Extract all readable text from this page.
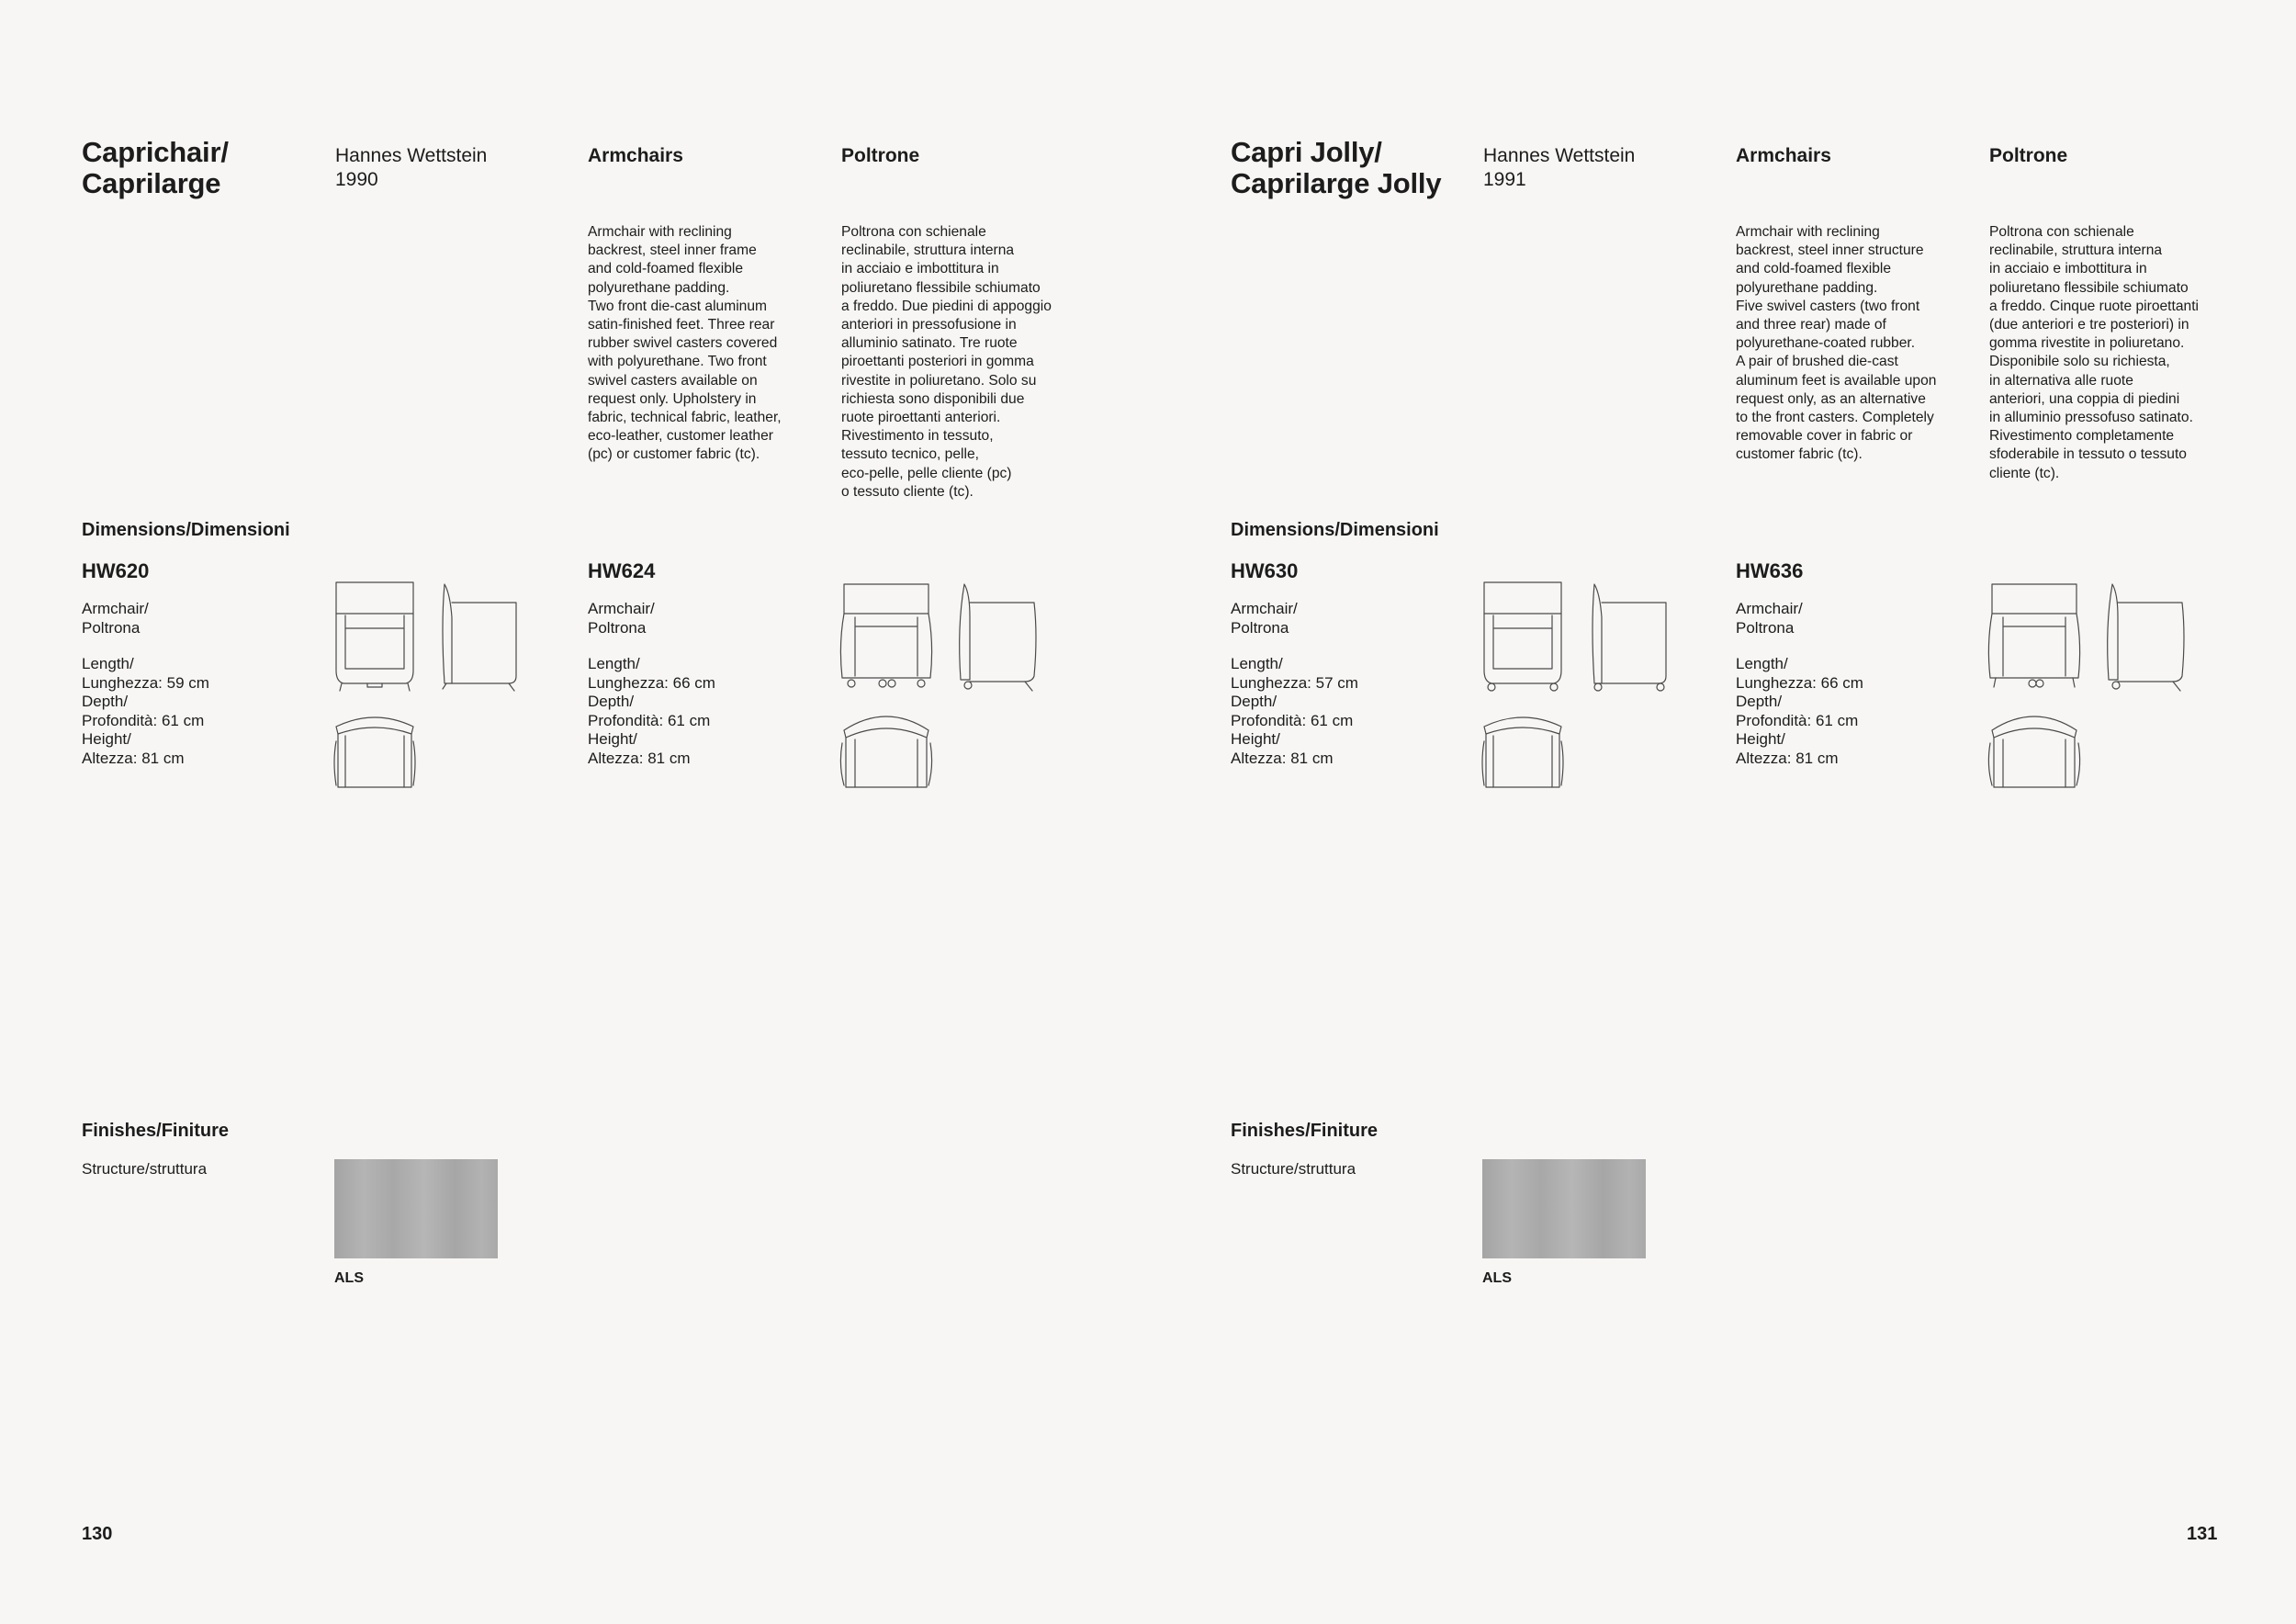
Caprichair/
Caprilarge
Hannes Wettstein
1990
Armchairs	Poltrone
Armchair with reclining
backrest, steel inner frame
and cold-foamed flexible
polyurethane padding.
Two front die-cast aluminum
satin-finished feet. Three rear
rubber swivel casters covered
with polyurethane. Two front
swivel casters available on
request only. Upholstery in
fabric, technical fabric, leather,
eco-leather, customer leather
(pc) or customer fabric (tc).
Poltrona con schienale
reclinabile, struttura interna
in acciaio e imbottitura in
poliuretano flessibile schiumato
a freddo. Due piedini di appoggio
anteriori in pressofusione in
alluminio satinato. Tre ruote
piroettanti posteriori in gomma
rivestite in poliuretano. Solo su
richiesta sono disponibili due
ruote piroettanti anteriori.
Rivestimento in tessuto,
tessuto tecnico, pelle,
eco-pelle, pelle cliente (pc)
o tessuto cliente (tc).
Dimensions/Dimensioni
HW620
Armchair/
Poltrona
Length/
Lunghezza: 59 cm
Depth/
Profondità: 61 cm
Height/
Altezza: 81 cm
HW624
Armchair/
Poltrona
Length/
Lunghezza: 66 cm
Depth/
Profondità: 61 cm
Height/
Altezza: 81 cm
Finishes/Finiture
Structure/struttura
ALS
130
Capri Jolly/
Caprilarge Jolly
Hannes Wettstein
1991
Armchairs	Poltrone
Armchair with reclining
backrest, steel inner structure
and cold-foamed flexible
polyurethane padding.
Five swivel casters (two front
and three rear) made of
polyurethane-coated rubber.
A pair of brushed die-cast
aluminum feet is available upon
request only, as an alternative
to the front casters. Completely
removable cover in fabric or
customer fabric (tc).
Poltrona con schienale
reclinabile, struttura interna
in acciaio e imbottitura in
poliuretano flessibile schiumato
a freddo. Cinque ruote piroettanti
(due anteriori e tre posteriori) in
gomma rivestite in poliuretano.
Disponibile solo su richiesta,
in alternativa alle ruote
anteriori, una coppia di piedini
in alluminio pressofuso satinato.
Rivestimento completamente
sfoderabile in tessuto o tessuto
cliente (tc).
Dimensions/Dimensioni
HW630
Armchair/
Poltrona
Length/
Lunghezza: 57 cm
Depth/
Profondità: 61 cm
Height/
Altezza: 81 cm
HW636
Armchair/
Poltrona
Length/
Lunghezza: 66 cm
Depth/
Profondità: 61 cm
Height/
Altezza: 81 cm
Finishes/Finiture
Structure/struttura
ALS
131
